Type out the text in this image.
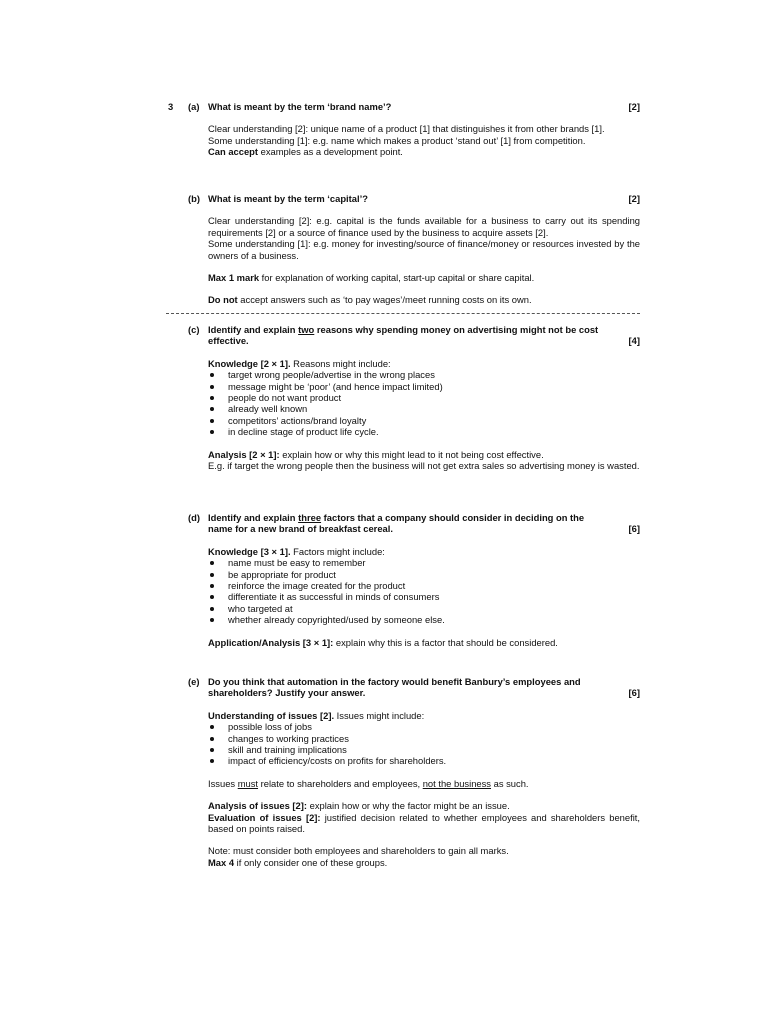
3 (a) What is meant by the term ‘brand name’?	[2]
Clear understanding [2]: unique name of a product [1] that distinguishes it from other brands [1].
Some understanding [1]: e.g. name which makes a product ‘stand out’ [1] from competition.
Can accept examples as a development point.
(b) What is meant by the term ‘capital’?	[2]
Clear understanding [2]: e.g. capital is the funds available for a business to carry out its spending requirements [2] or a source of finance used by the business to acquire assets [2].
Some understanding [1]: e.g. money for investing/source of finance/money or resources invested by the owners of a business.
Max 1 mark for explanation of working capital, start-up capital or share capital.
Do not accept answers such as ‘to pay wages’/meet running costs on its own.
(c) Identify and explain two reasons why spending money on advertising might not be cost effective.	[4]
Knowledge [2 × 1]. Reasons might include:
target wrong people/advertise in the wrong places
message might be ‘poor’ (and hence impact limited)
people do not want product
already well known
competitors’ actions/brand loyalty
in decline stage of product life cycle.
Analysis [2 × 1]: explain how or why this might lead to it not being cost effective.
E.g. if target the wrong people then the business will not get extra sales so advertising money is wasted.
(d) Identify and explain three factors that a company should consider in deciding on the name for a new brand of breakfast cereal.	[6]
Knowledge [3 × 1]. Factors might include:
name must be easy to remember
be appropriate for product
reinforce the image created for the product
differentiate it as successful in minds of consumers
who targeted at
whether already copyrighted/used by someone else.
Application/Analysis [3 × 1]: explain why this is a factor that should be considered.
(e) Do you think that automation in the factory would benefit Banbury’s employees and shareholders? Justify your answer.	[6]
Understanding of issues [2]. Issues might include:
possible loss of jobs
changes to working practices
skill and training implications
impact of efficiency/costs on profits for shareholders.
Issues must relate to shareholders and employees, not the business as such.
Analysis of issues [2]: explain how or why the factor might be an issue.
Evaluation of issues [2]: justified decision related to whether employees and shareholders benefit, based on points raised.
Note: must consider both employees and shareholders to gain all marks.
Max 4 if only consider one of these groups.
